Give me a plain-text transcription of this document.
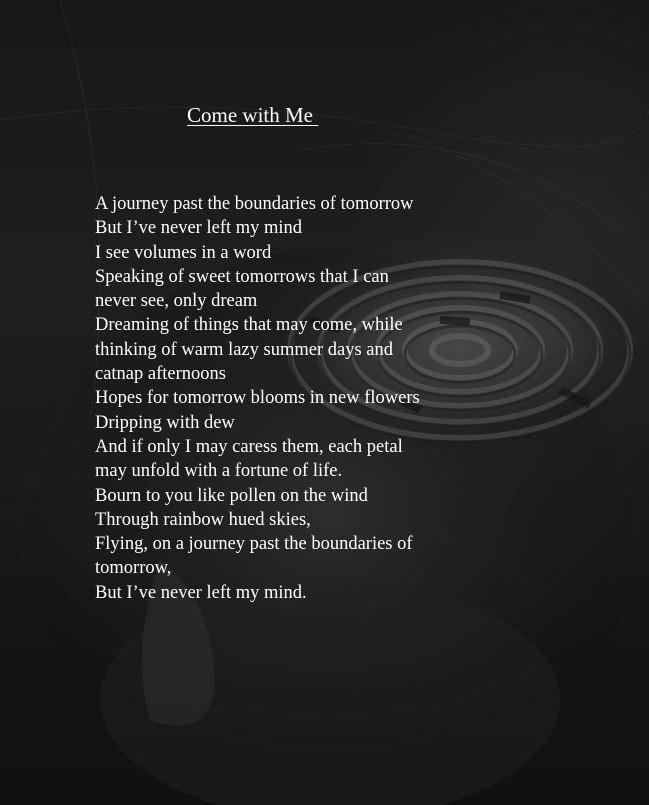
Come with Me
A journey past the boundaries of tomorrow
But I’ve never left my mind
I see volumes in a word
Speaking of sweet tomorrows that I can
never see, only dream
Dreaming of things that may come, while
thinking of warm lazy summer days and
catnap afternoons
Hopes for tomorrow blooms in new flowers
Dripping with dew
And if only I may caress them, each petal
may unfold with a fortune of life.
Bourn to you like pollen on the wind
Through rainbow hued skies,
Flying, on a journey past the boundaries of
tomorrow,
But I’ve never left my mind.
